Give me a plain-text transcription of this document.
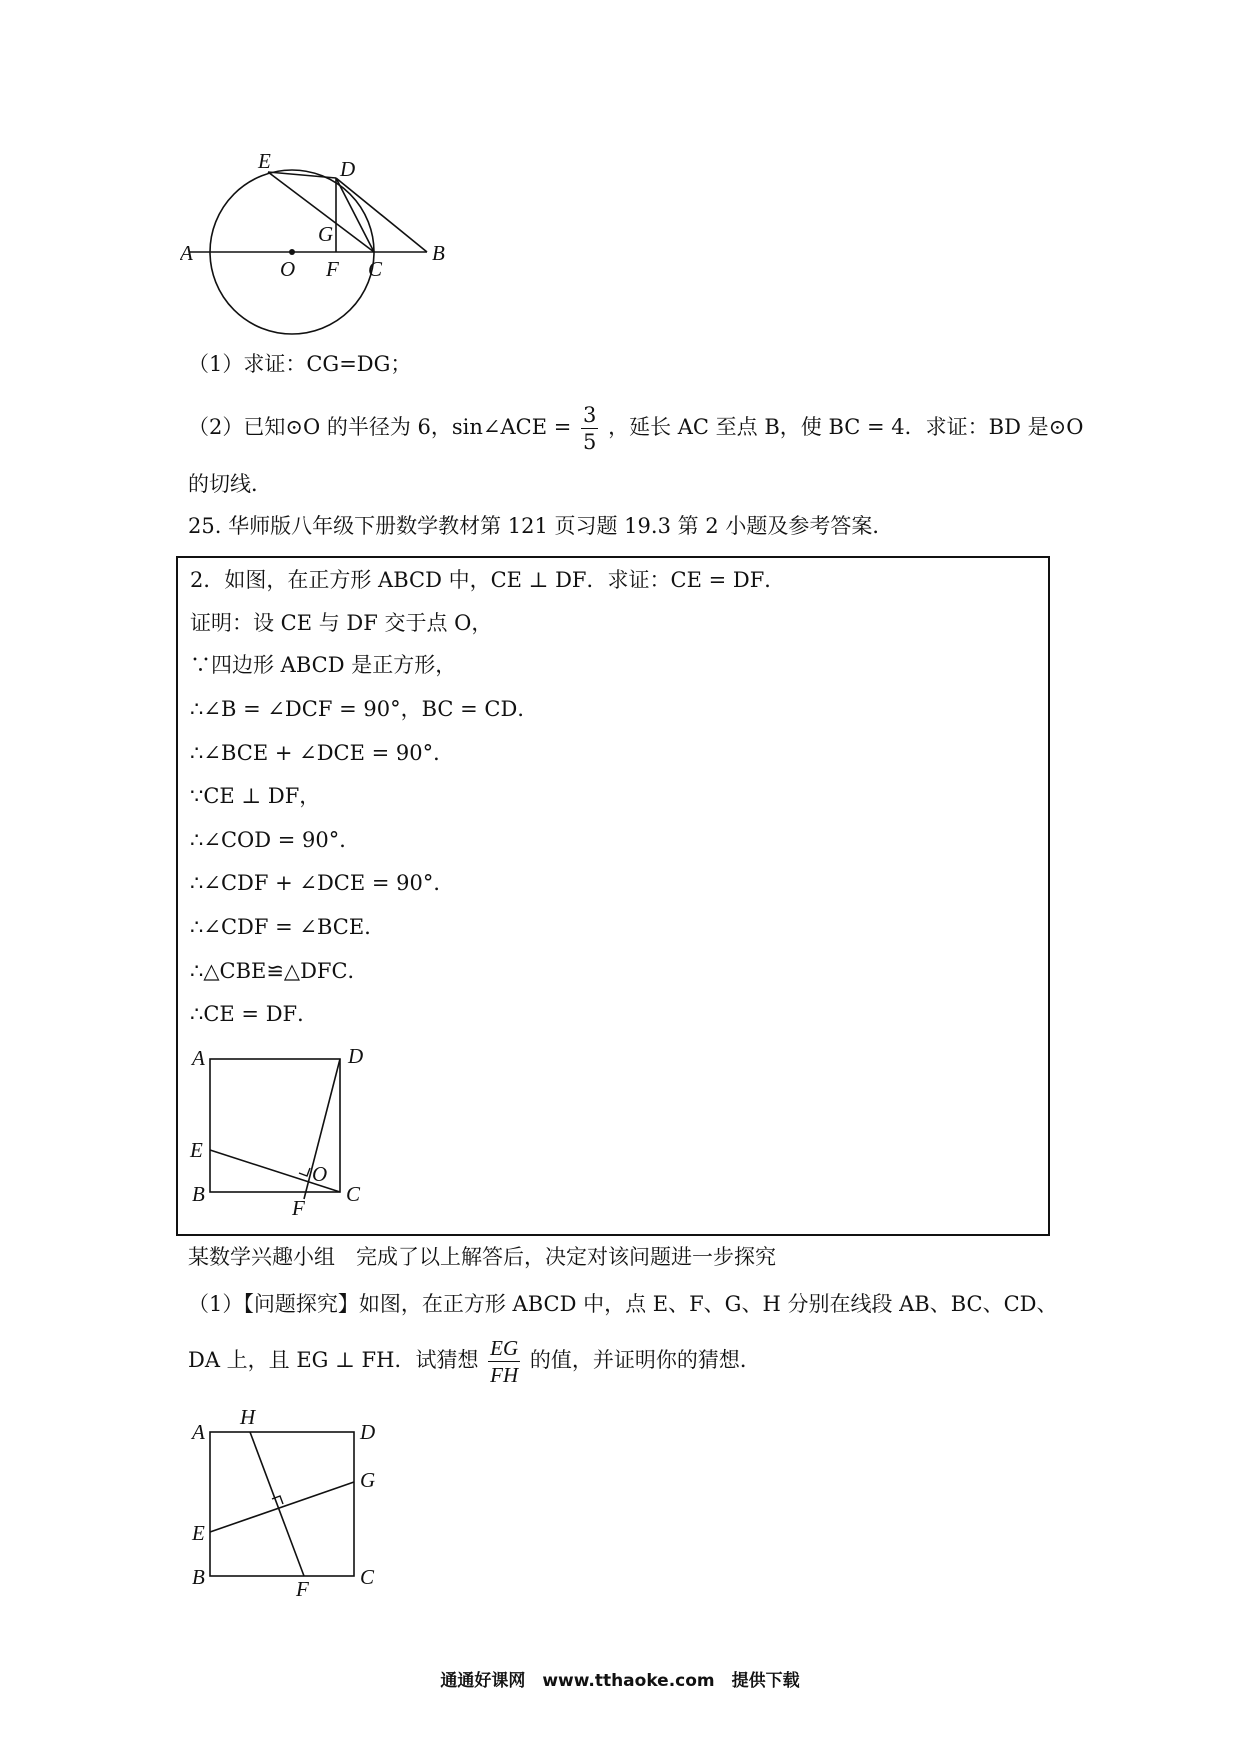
E	D
G
A
O F C
B
（1）求证：CG=DG；
（2）已知⊙O 的半径为 6，sin∠ACE = $\frac{3}{5}$ ，延长 AC 至点 B，使 BC = 4．求证：BD 是⊙O
的切线．
25. 华师版八年级下册数学教材第 121 页习题 19.3 第 2 小题及参考答案．
2．如图，在正方形 ABCD 中，CE ⊥ DF．求证：CE = DF．
证明：设 CE 与 DF 交于点 O，
∵四边形 ABCD 是正方形，
∴∠B = ∠DCF = 90°，BC = CD．
∴∠BCE + ∠DCE = 90°．
∵CE ⊥ DF，
∴∠COD = 90°．
∴∠CDF + ∠DCE = 90°．
∴∠CDF = ∠BCE．
∴△CBE≌△DFC．
∴CE = DF．
A	D
E
O
B
F
C
某数学兴趣小组　完成了以上解答后，决定对该问题进一步探究
（1）【问题探究】如图，在正方形 ABCD 中，点 E、F、G、H 分别在线段 AB、BC、CD、
DA 上，且 EG ⊥ FH．试猜想 $\frac{EG}{FH}$ 的值，并证明你的猜想．
A
H
D
G
E
B	F C
通通好课网　www.tthaoke.com　提供下载
